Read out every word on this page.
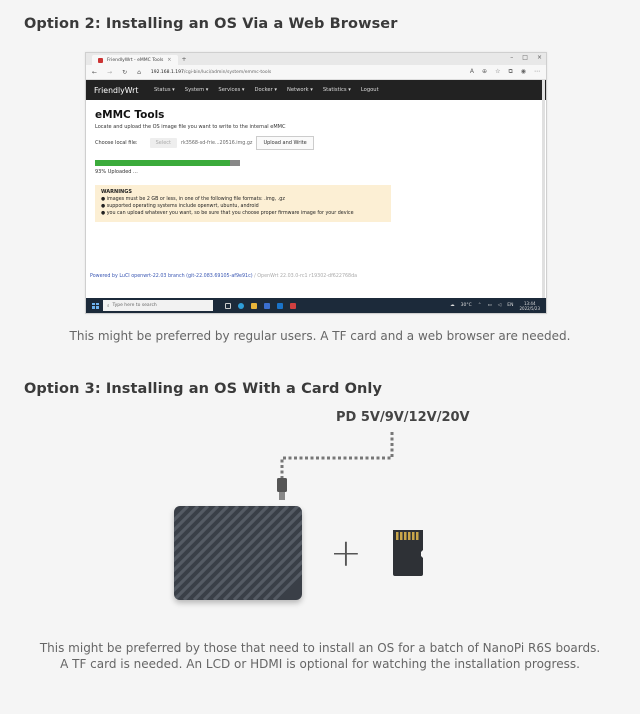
Option 2: Installing an OS Via a Web Browser
FriendlyWrt - eMMC Tools × +	– □ ×
← → ↻ ⌂ 192.168.1.197/cgi-bin/luci/admin/system/emmc-tools	A ⊕ ☆ ⧉ ◉ ⋯
FriendlyWrt	Status ▾ System ▾ Services ▾ Docker ▾ Network ▾ Statistics ▾ Logout
eMMC Tools
Locate and upload the OS image file you want to write to the internal eMMC
Choose local file:	Select	rk3568-sd-frie...20516.img.gz	Upload and Write
93% Uploaded ...
WARNINGS
● images must be 2 GB or less, in one of the following file formats: .img, .gz
● supported operating systems include openwrt, ubuntu, android
● you can upload whatever you want, so be sure that you choose proper firmware image for your device
Powered by LuCI openwrt-22.03 branch (git-22.083.69105-af9e91c) / OpenWrt 22.03.0-rc1 r19302-df622768da
⌕ Type here to search	☁ 30°C ⌃ ▭ ◁ EN	13:44
2022/5/23
This might be preferred by regular users. A TF card and a web browser are needed.
Option 3: Installing an OS With a Card Only
PD 5V/9V/12V/20V
+
This might be preferred by those that need to install an OS for a batch of NanoPi R6S boards.
A TF card is needed. An LCD or HDMI is optional for watching the installation progress.
